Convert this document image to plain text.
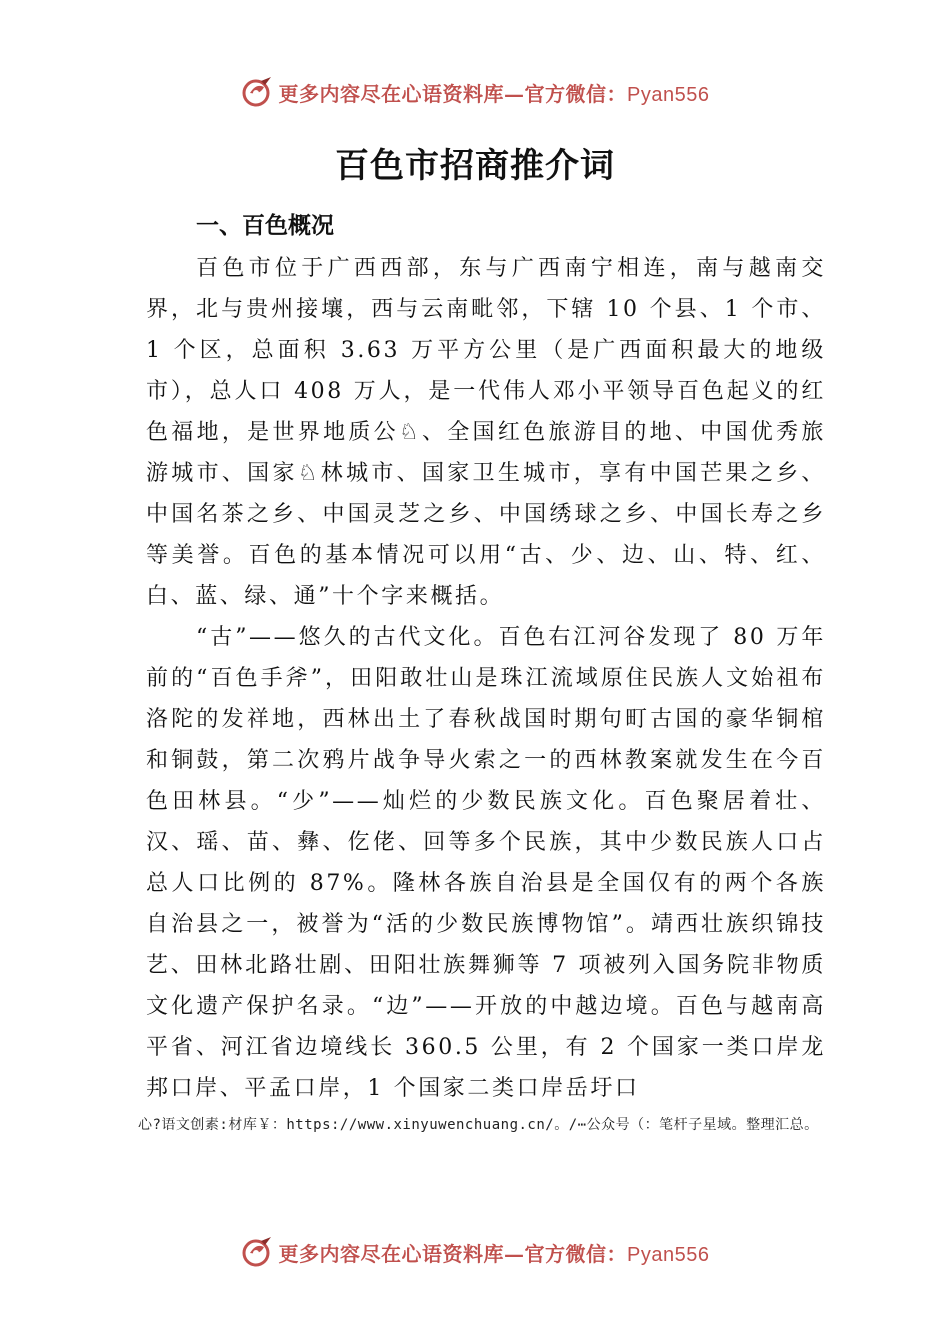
更多内容尽在心语资料库—官方微信：Pyan556
百色市招商推介词
一、百色概况

百色市位于广西西部，东与广西南宁相连，南与越南交界，北与贵州接壤，西与云南毗邻，下辖 10 个县、1 个市、1 个区，总面积 3.63 万平方公里（是广西面积最大的地级市），总人口 408 万人，是一代伟人邓小平领导百色起义的红色福地，是世界地质公♘、全国红色旅游目的地、中国优秀旅游城市、国家♘林城市、国家卫生城市，享有中国芒果之乡、中国名茶之乡、中国灵芝之乡、中国绣球之乡、中国长寿之乡等美誉。百色的基本情况可以用“古、少、边、山、特、红、白、蓝、绿、通”十个字来概括。

“古”——悠久的古代文化。百色右江河谷发现了 80 万年前的“百色手斧”，田阳敢壮山是珠江流域原住民族人文始祖布洛陀的发祥地，西林出土了春秋战国时期句町古国的豪华铜棺和铜鼓，第二次鸦片战争导火索之一的西林教案就发生在今百色田林县。“少”——灿烂的少数民族文化。百色聚居着壮、汉、瑶、苗、彝、仡佬、回等多个民族，其中少数民族人口占总人口比例的 87%。隆林各族自治县是全国仅有的两个各族自治县之一，被誉为“活的少数民族博物馆”。靖西壮族织锦技艺、田林北路壮剧、田阳壮族舞狮等 7 项被列入国务院非物质文化遗产保护名录。“边”——开放的中越边境。百色与越南高平省、河江省边境线长 360.5 公里，有 2 个国家一类口岸龙邦口岸、平孟口岸，1 个国家二类口岸岳圩口

心?语文创素:材库￥：https://www.xinyuwenchuang.cn/。/⋯公众号（：笔杆子星域。整理汇总。
更多内容尽在心语资料库—官方微信：Pyan556
